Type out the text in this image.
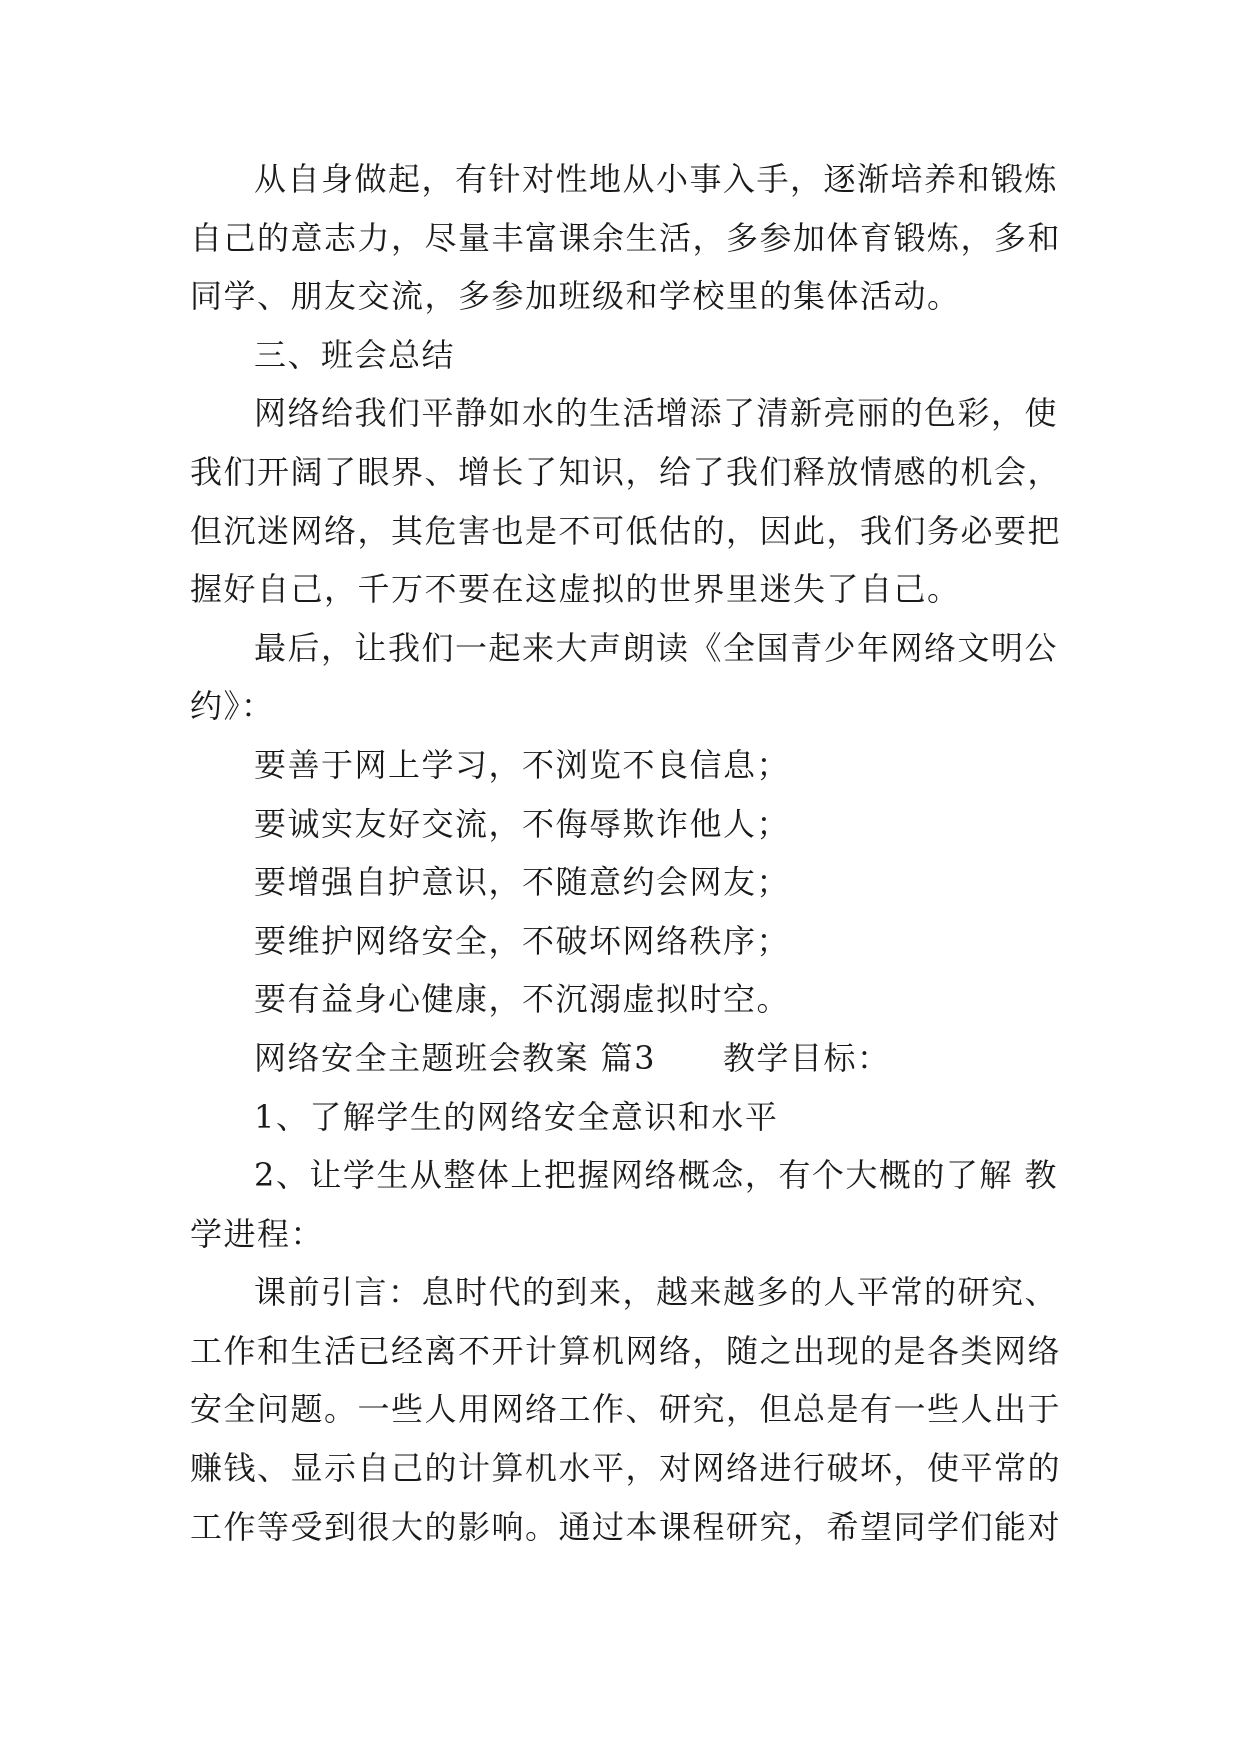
从自身做起，有针对性地从小事入手，逐渐培养和锻炼

自己的意志力，尽量丰富课余生活，多参加体育锻炼，多和

同学、朋友交流，多参加班级和学校里的集体活动。

三、班会总结

网络给我们平静如水的生活增添了清新亮丽的色彩，使

我们开阔了眼界、增长了知识，给了我们释放情感的机会，

但沉迷网络，其危害也是不可低估的，因此，我们务必要把

握好自己，千万不要在这虚拟的世界里迷失了自己。

最后，让我们一起来大声朗读《全国青少年网络文明公

约》：

要善于网上学习，不浏览不良信息；

要诚实友好交流，不侮辱欺诈他人；

要增强自护意识，不随意约会网友；

要维护网络安全，不破坏网络秩序；

要有益身心健康，不沉溺虚拟时空。

网络安全主题班会教案 篇3　　教学目标：

1、了解学生的网络安全意识和水平

2、让学生从整体上把握网络概念，有个大概的了解 教

学进程：

课前引言：息时代的到来，越来越多的人平常的研究、

工作和生活已经离不开计算机网络，随之出现的是各类网络

安全问题。一些人用网络工作、研究，但总是有一些人出于

赚钱、显示自己的计算机水平，对网络进行破坏，使平常的

工作等受到很大的影响。通过本课程研究，希望同学们能对
